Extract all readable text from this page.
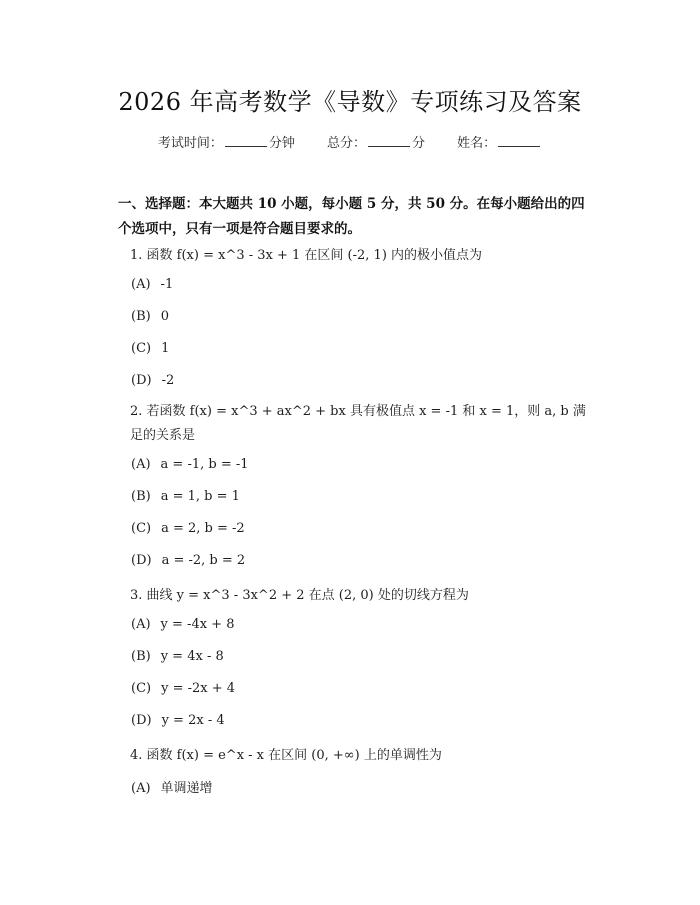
2026 年高考数学《导数》专项练习及答案
考试时间：	分钟 总分：	分 姓名：
一、选择题：本大题共 10 小题，每小题 5 分，共 50 分。在每小题给出的四个选项中，只有一项是符合题目要求的。
1. 函数 f(x) = x^3 - 3x + 1 在区间 (-2, 1) 内的极小值点为
(A) -1
(B) 0
(C) 1
(D) -2
2. 若函数 f(x) = x^3 + ax^2 + bx 具有极值点 x = -1 和 x = 1，则 a, b 满足的关系是
(A) a = -1, b = -1
(B) a = 1, b = 1
(C) a = 2, b = -2
(D) a = -2, b = 2
3. 曲线 y = x^3 - 3x^2 + 2 在点 (2, 0) 处的切线方程为
(A) y = -4x + 8
(B) y = 4x - 8
(C) y = -2x + 4
(D) y = 2x - 4
4. 函数 f(x) = e^x - x 在区间 (0, +∞) 上的单调性为
(A) 单调递增
